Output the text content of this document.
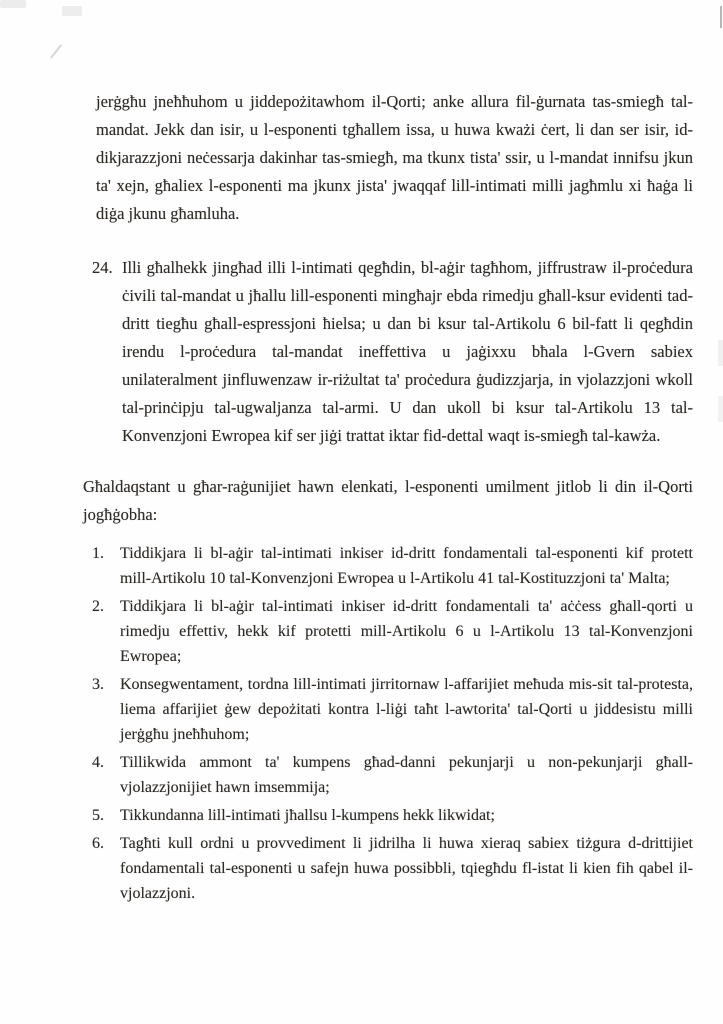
jerġgħu jneħħuhom u jiddepożitawhom il-Qorti; anke allura fil-ġurnata tas-smiegħ tal-mandat. Jekk dan isir, u l-esponenti tgħallem issa, u huwa kważi ċert, li dan ser isir, id-dikjarazzjoni neċessarja dakinhar tas-smiegħ, ma tkunx tista' ssir, u l-mandat innifsu jkun ta' xejn, għaliex l-esponenti ma jkunx jista' jwaqqaf lill-intimati milli jagħmlu xi ħaġa li diġa jkunu għamluha.

24. Illi għalhekk jingħad illi l-intimati qegħdin, bl-aġir tagħhom, jiffrustraw il-proċedura ċivili tal-mandat u jħallu lill-esponenti mingħajr ebda rimedju għall-ksur evidenti tad-dritt tiegħu għall-espressjoni ħielsa; u dan bi ksur tal-Artikolu 6 bil-fatt li qegħdin irendu l-proċedura tal-mandat ineffettiva u jaġixxu bħala l-Gvern sabiex unilateralment jinfluwenzaw ir-riżultat ta' proċedura ġudizzjarja, in vjolazzjoni wkoll tal-prinċipju tal-ugwaljanza tal-armi. U dan ukoll bi ksur tal-Artikolu 13 tal-Konvenzjoni Ewropea kif ser jiġi trattat iktar fid-dettal waqt is-smiegħ tal-kawża.

Għaldaqstant u għar-raġunijiet hawn elenkati, l-esponenti umilment jitlob li din il-Qorti jogħġobha:

1. Tiddikjara li bl-aġir tal-intimati inkiser id-dritt fondamentali tal-esponenti kif protett mill-Artikolu 10 tal-Konvenzjoni Ewropea u l-Artikolu 41 tal-Kostituzzjoni ta' Malta;
2. Tiddikjara li bl-aġir tal-intimati inkiser id-dritt fondamentali ta' aċċess għall-qorti u rimedju effettiv, hekk kif protetti mill-Artikolu 6 u l-Artikolu 13 tal-Konvenzjoni Ewropea;
3. Konsegwentament, tordna lill-intimati jirritornaw l-affarijiet meħuda mis-sit tal-protesta, liema affarijiet ġew depożitati kontra l-liġi taħt l-awtorita' tal-Qorti u jiddesistu milli jerġgħu jneħħuhom;
4. Tillikwida ammont ta' kumpens għad-danni pekunjarji u non-pekunjarji għall-vjolazzjonijiet hawn imsemmija;
5. Tikkundanna lill-intimati jħallsu l-kumpens hekk likwidat;
6. Tagħti kull ordni u provvediment li jidrilha li huwa xieraq sabiex tiżgura d-drittijiet fondamentali tal-esponenti u safejn huwa possibbli, tqiegħdu fl-istat li kien fih qabel il-vjolazzjoni.
